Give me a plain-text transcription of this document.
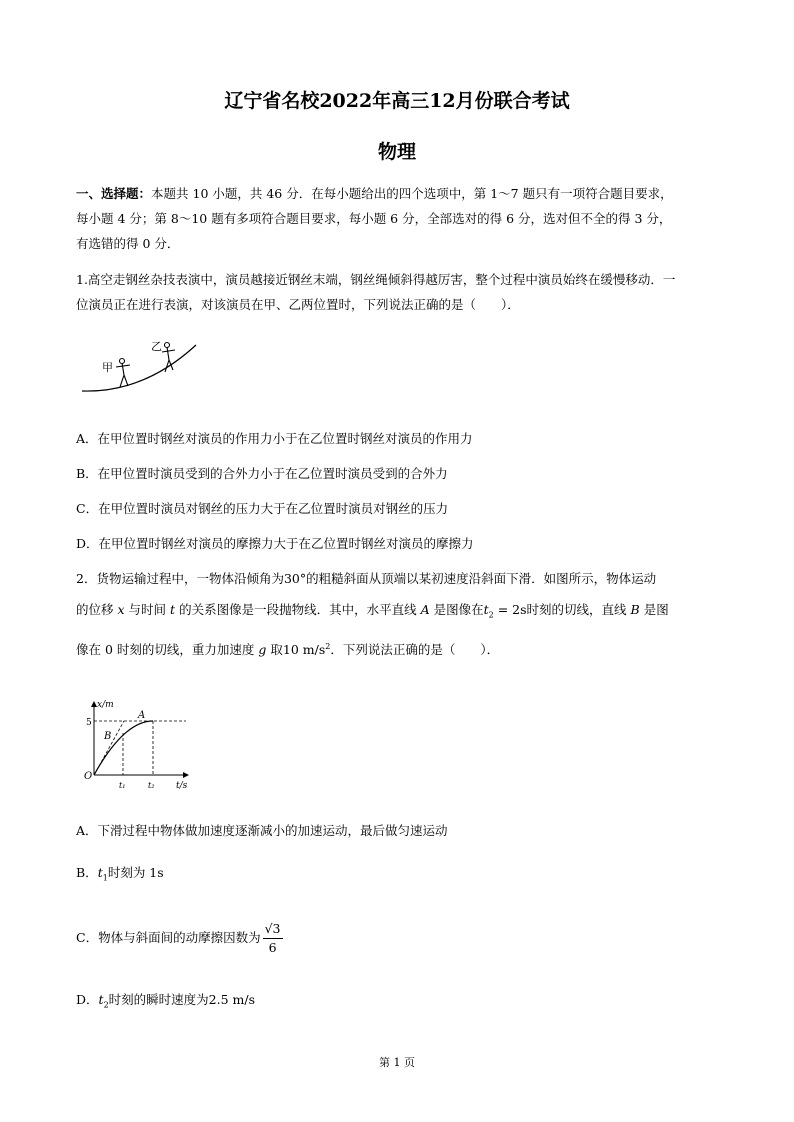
辽宁省名校2022年高三12月份联合考试
物理
一、选择题：本题共 10 小题，共 46 分．在每小题给出的四个选项中，第 1～7 题只有一项符合题目要求，
每小题 4 分；第 8～10 题有多项符合题目要求，每小题 6 分，全部选对的得 6 分，选对但不全的得 3 分，
有选错的得 0 分．
1.高空走钢丝杂技表演中，演员越接近钢丝末端，钢丝绳倾斜得越厉害，整个过程中演员始终在缓慢移动．一
位演员正在进行表演，对该演员在甲、乙两位置时，下列说法正确的是（　　）．
甲
乙
A．在甲位置时钢丝对演员的作用力小于在乙位置时钢丝对演员的作用力
B．在甲位置时演员受到的合外力小于在乙位置时演员受到的合外力
C．在甲位置时演员对钢丝的压力大于在乙位置时演员对钢丝的压力
D．在甲位置时钢丝对演员的摩擦力大于在乙位置时钢丝对演员的摩擦力
2．货物运输过程中，一物体沿倾角为30°的粗糙斜面从顶端以某初速度沿斜面下滑．如图所示，物体运动
的位移 x 与时间 t 的关系图像是一段抛物线．其中，水平直线 A 是图像在$t_2 = 2s$时刻的切线，直线 B 是图
像在 0 时刻的切线，重力加速度 g 取10 $m/s^2$．下列说法正确的是（　　）．
x/m
t/s
O
5
A
B
t₁	t₂
A．下滑过程中物体做加速度逐渐减小的加速运动，最后做匀速运动
B．$t_1$时刻为 1s
C．物体与斜面间的动摩擦因数为 $\frac{√3}{6}$
D．$t_2$时刻的瞬时速度为2.5 m/s
第 1 页
